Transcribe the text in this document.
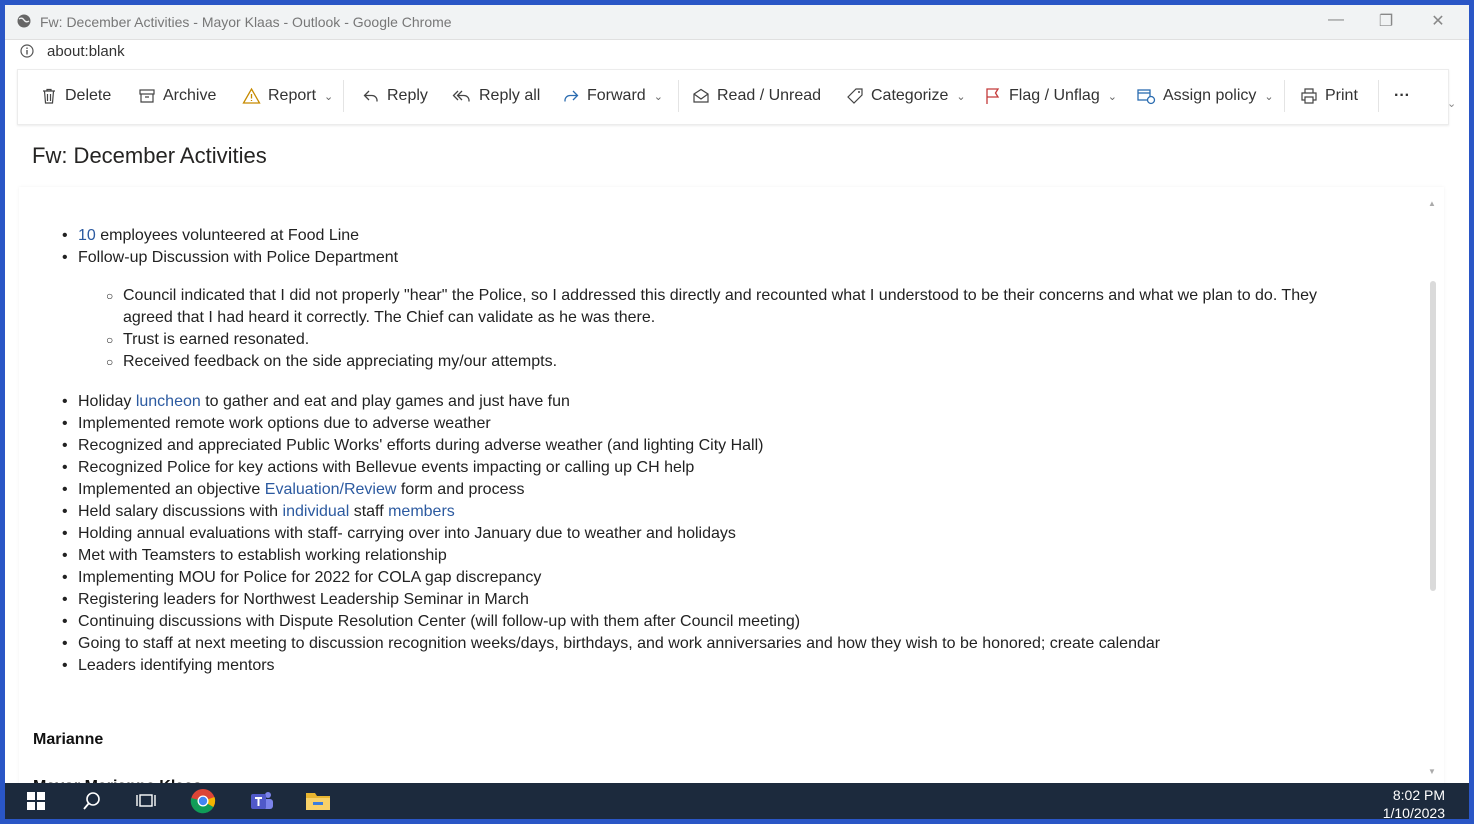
Fw: December Activities - Mayor Klaas - Outlook - Google Chrome	—	❐	✕
about:blank
Delete	Archive	Report ⌄	Reply	Reply all	Forward ⌄	Read / Unread	Categorize ⌄	Flag / Unflag ⌄	Assign policy ⌄	Print ···	⌄
Fw: December Activities
▲
▼
• 10 employees volunteered at Food Line
• Follow-up Discussion with Police Department
○ Council indicated that I did not properly "hear" the Police, so I addressed this directly and recounted what I understood to be their concerns and what we plan to do. They
agreed that I had heard it correctly. The Chief can validate as he was there.
○ Trust is earned resonated.
○ Received feedback on the side appreciating my/our attempts.
• Holiday luncheon to gather and eat and play games and just have fun
• Implemented remote work options due to adverse weather
• Recognized and appreciated Public Works' efforts during adverse weather (and lighting City Hall)
• Recognized Police for key actions with Bellevue events impacting or calling up CH help
• Implemented an objective Evaluation/Review form and process
• Held salary discussions with individual staff members
• Holding annual evaluations with staff- carrying over into January due to weather and holidays
• Met with Teamsters to establish working relationship
• Implementing MOU for Police for 2022 for COLA gap discrepancy
• Registering leaders for Northwest Leadership Seminar in March
• Continuing discussions with Dispute Resolution Center (will follow-up with them after Council meeting)
• Going to staff at next meeting to discussion recognition weeks/days, birthdays, and work anniversaries and how they wish to be honored; create calendar
• Leaders identifying mentors
Marianne
8:02 PM
1/10/2023
